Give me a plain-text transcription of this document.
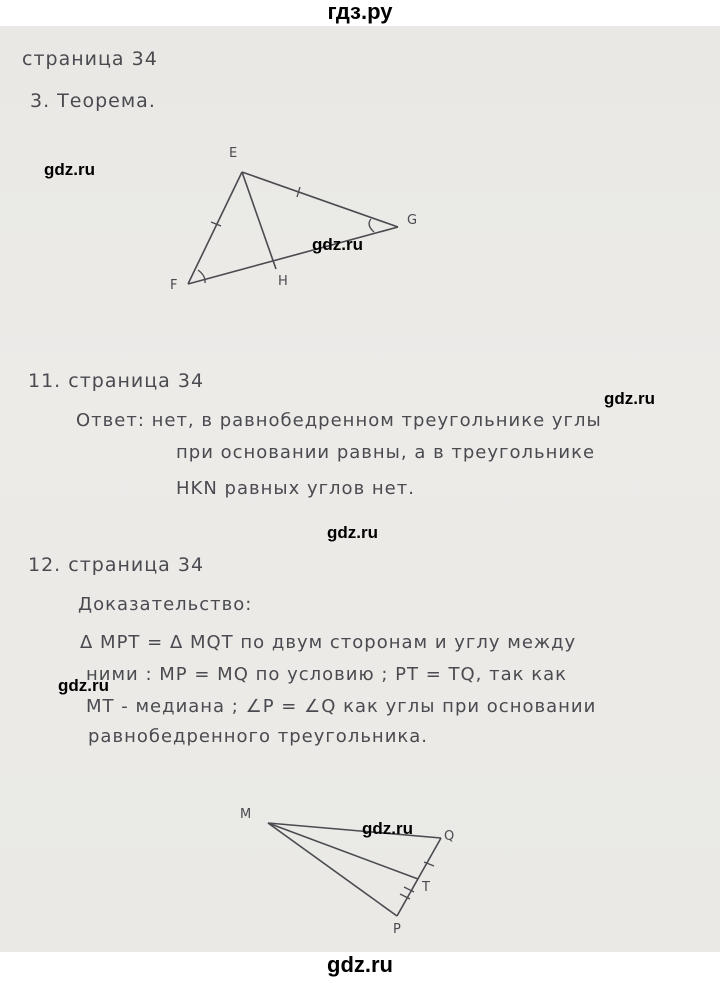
гдз.ру
страница 34
3. Теорема.
gdz.ru
E
G
F	H
gdz.ru
11. страница 34
gdz.ru
Ответ: нет, в равнобедренном треугольнике углы
при основании равны, а в треугольнике
HKN равных углов нет.
gdz.ru
12. страница 34
Доказательство:
Δ MPT = Δ MQT по двум сторонам и углу между
ними : MP = MQ по условию ; PT = TQ, так как
gdz.ru
MT - медиана ; ∠P = ∠Q как углы при основании
равнобедренного треугольника.
M
Q
T
P
gdz.ru
gdz.ru
